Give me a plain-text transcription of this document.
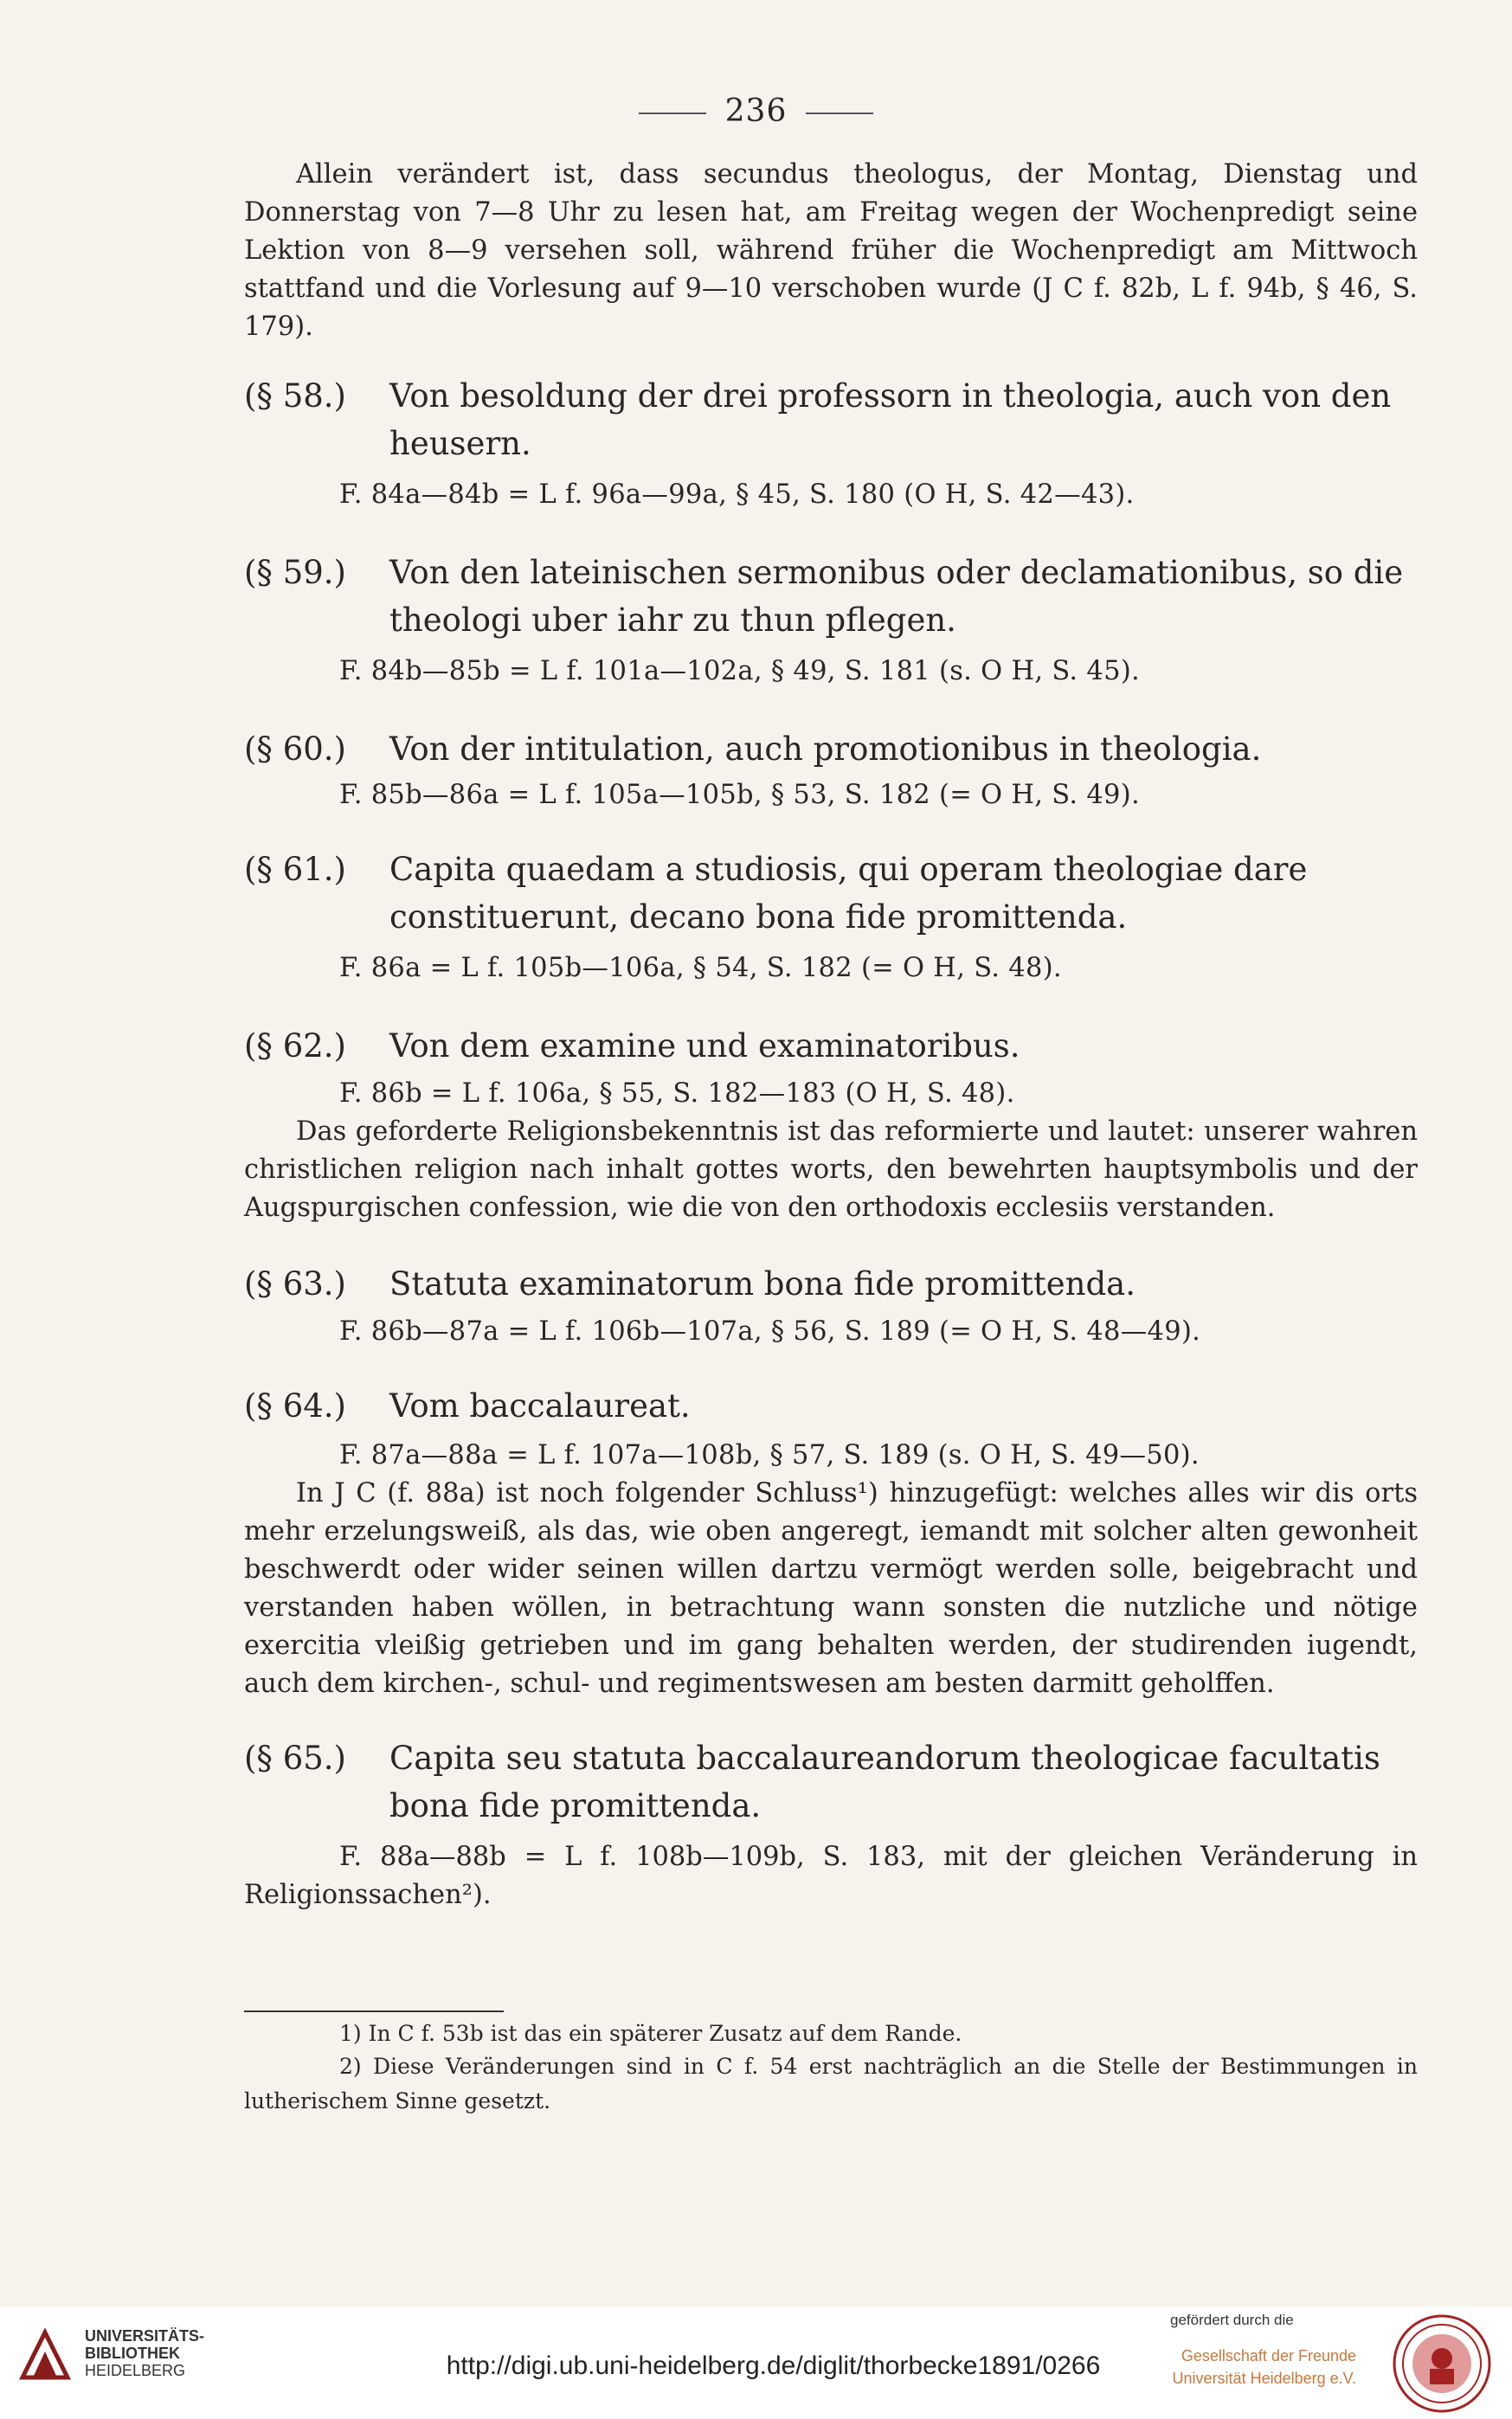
236

Allein verändert ist, dass secundus theologus, der Montag, Dienstag und Donnerstag von 7—8 Uhr zu lesen hat, am Freitag wegen der Wochenpredigt seine Lektion von 8—9 versehen soll, während früher die Wochenpredigt am Mittwoch stattfand und die Vorlesung auf 9—10 verschoben wurde (J C f. 82b, L f. 94b, § 46, S. 179).

(§ 58.)	Von besoldung der drei professorn in theologia, auch von den heusern.
F. 84a—84b = L f. 96a—99a, § 45, S. 180 (O H, S. 42—43).
(§ 59.)	Von den lateinischen sermonibus oder declamationibus, so die theologi uber iahr zu thun pflegen.
F. 84b—85b = L f. 101a—102a, § 49, S. 181 (s. O H, S. 45).
(§ 60.)	Von der intitulation, auch promotionibus in theologia.
F. 85b—86a = L f. 105a—105b, § 53, S. 182 (= O H, S. 49).
(§ 61.)	Capita quaedam a studiosis, qui operam theologiae dare constituerunt, decano bona fide promittenda.
F. 86a = L f. 105b—106a, § 54, S. 182 (= O H, S. 48).
(§ 62.)	Von dem examine und examinatoribus.
F. 86b = L f. 106a, § 55, S. 182—183 (O H, S. 48).

Das geforderte Religionsbekenntnis ist das reformierte und lautet: unserer wahren christlichen religion nach inhalt gottes worts, den bewehrten hauptsymbolis und der Augspurgischen confession, wie die von den orthodoxis ecclesiis verstanden.

(§ 63.)	Statuta examinatorum bona fide promittenda.
F. 86b—87a = L f. 106b—107a, § 56, S. 189 (= O H, S. 48—49).
(§ 64.)	Vom baccalaureat.
F. 87a—88a = L f. 107a—108b, § 57, S. 189 (s. O H, S. 49—50).

In J C (f. 88a) ist noch folgender Schluss¹) hinzugefügt: welches alles wir dis orts mehr erzelungsweiß, als das, wie oben angeregt, iemandt mit solcher alten gewonheit beschwerdt oder wider seinen willen dartzu vermögt werden solle, beigebracht und verstanden haben wöllen, in betrachtung wann sonsten die nutzliche und nötige exercitia vleißig getrieben und im gang behalten werden, der studirenden iugendt, auch dem kirchen-, schul- und regimentswesen am besten darmitt geholffen.

(§ 65.)	Capita seu statuta baccalaureandorum theologicae facultatis bona fide promittenda.
F. 88a—88b = L f. 108b—109b, S. 183, mit der gleichen Veränderung in Religionssachen²).
1) In C f. 53b ist das ein späterer Zusatz auf dem Rande.
2) Diese Veränderungen sind in C f. 54 erst nachträglich an die Stelle der Bestimmungen in lutherischem Sinne gesetzt.
UNIVERSITÄTS-
BIBLIOTHEK
HEIDELBERG	http://digi.ub.uni-heidelberg.de/diglit/thorbecke1891/0266
gefördert durch die
Gesellschaft der Freunde
Universität Heidelberg e.V.
